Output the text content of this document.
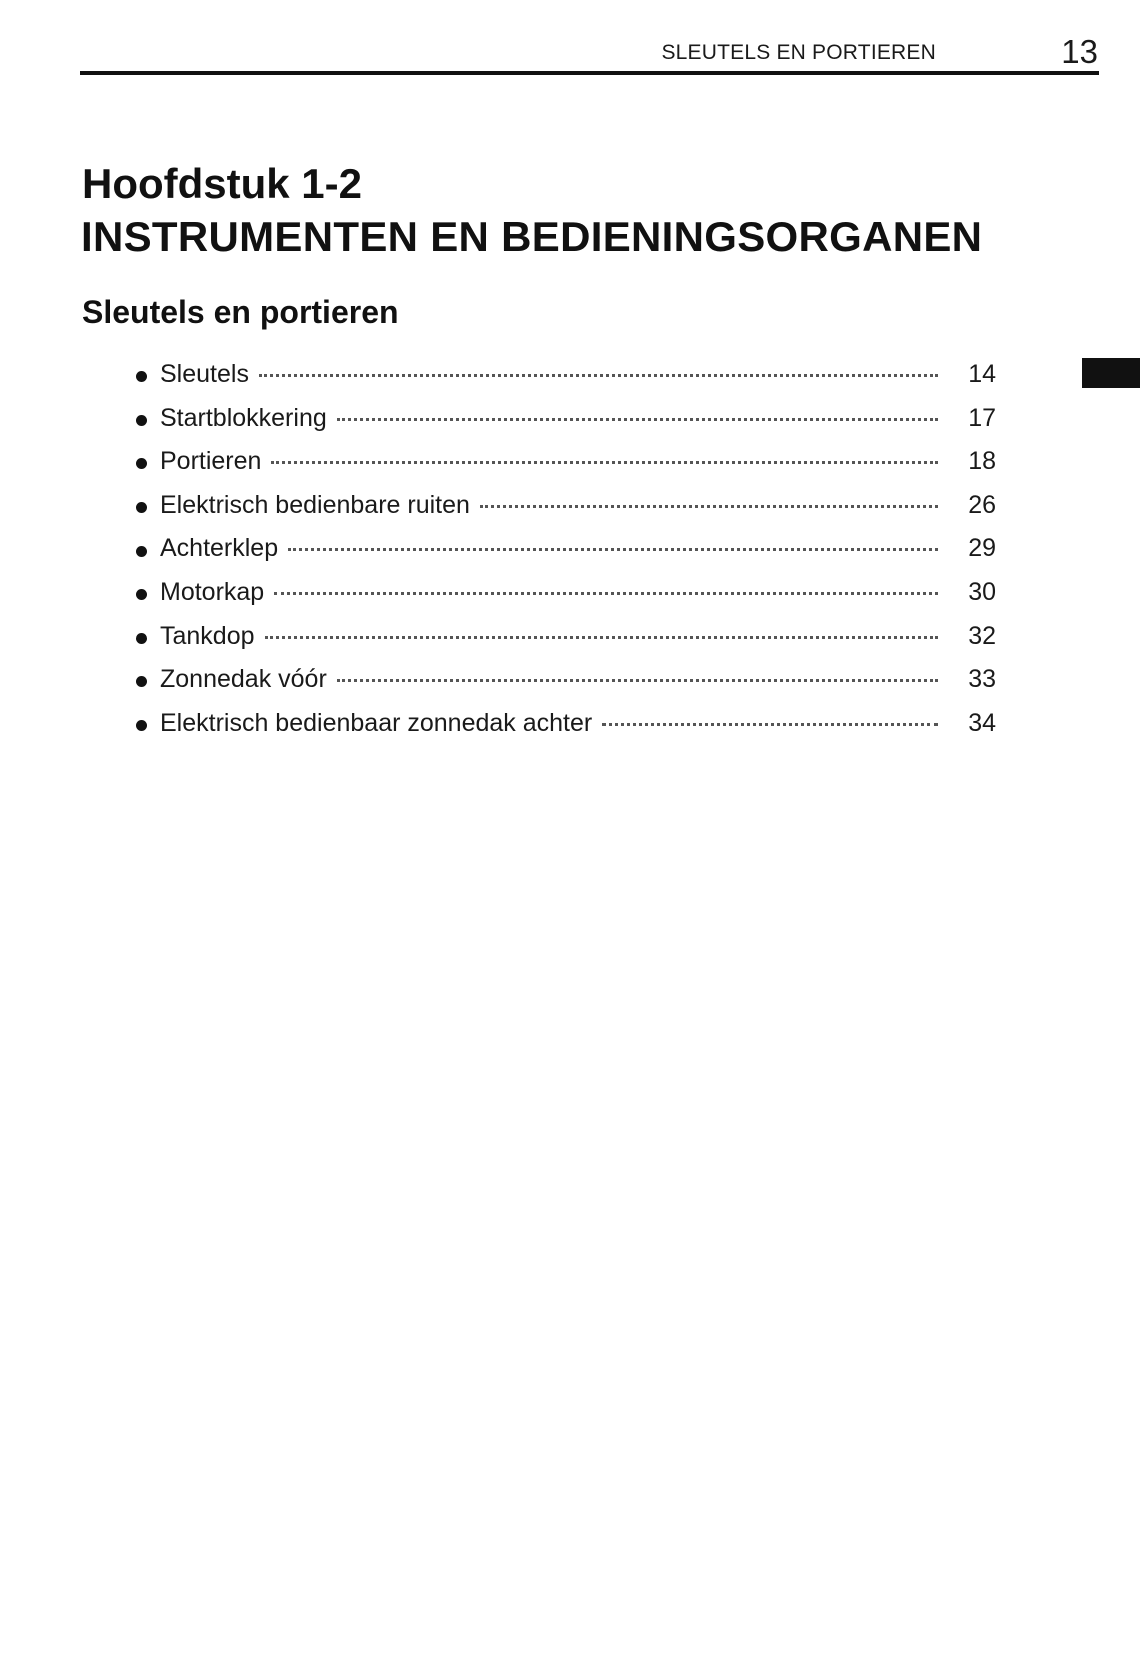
SLEUTELS EN PORTIEREN	13
Hoofdstuk 1-2
INSTRUMENTEN EN BEDIENINGSORGANEN
Sleutels en portieren
Sleutels	14
Startblokkering	17
Portieren	18
Elektrisch bedienbare ruiten	26
Achterklep	29
Motorkap	30
Tankdop	32
Zonnedak vóór	33
Elektrisch bedienbaar zonnedak achter	34
